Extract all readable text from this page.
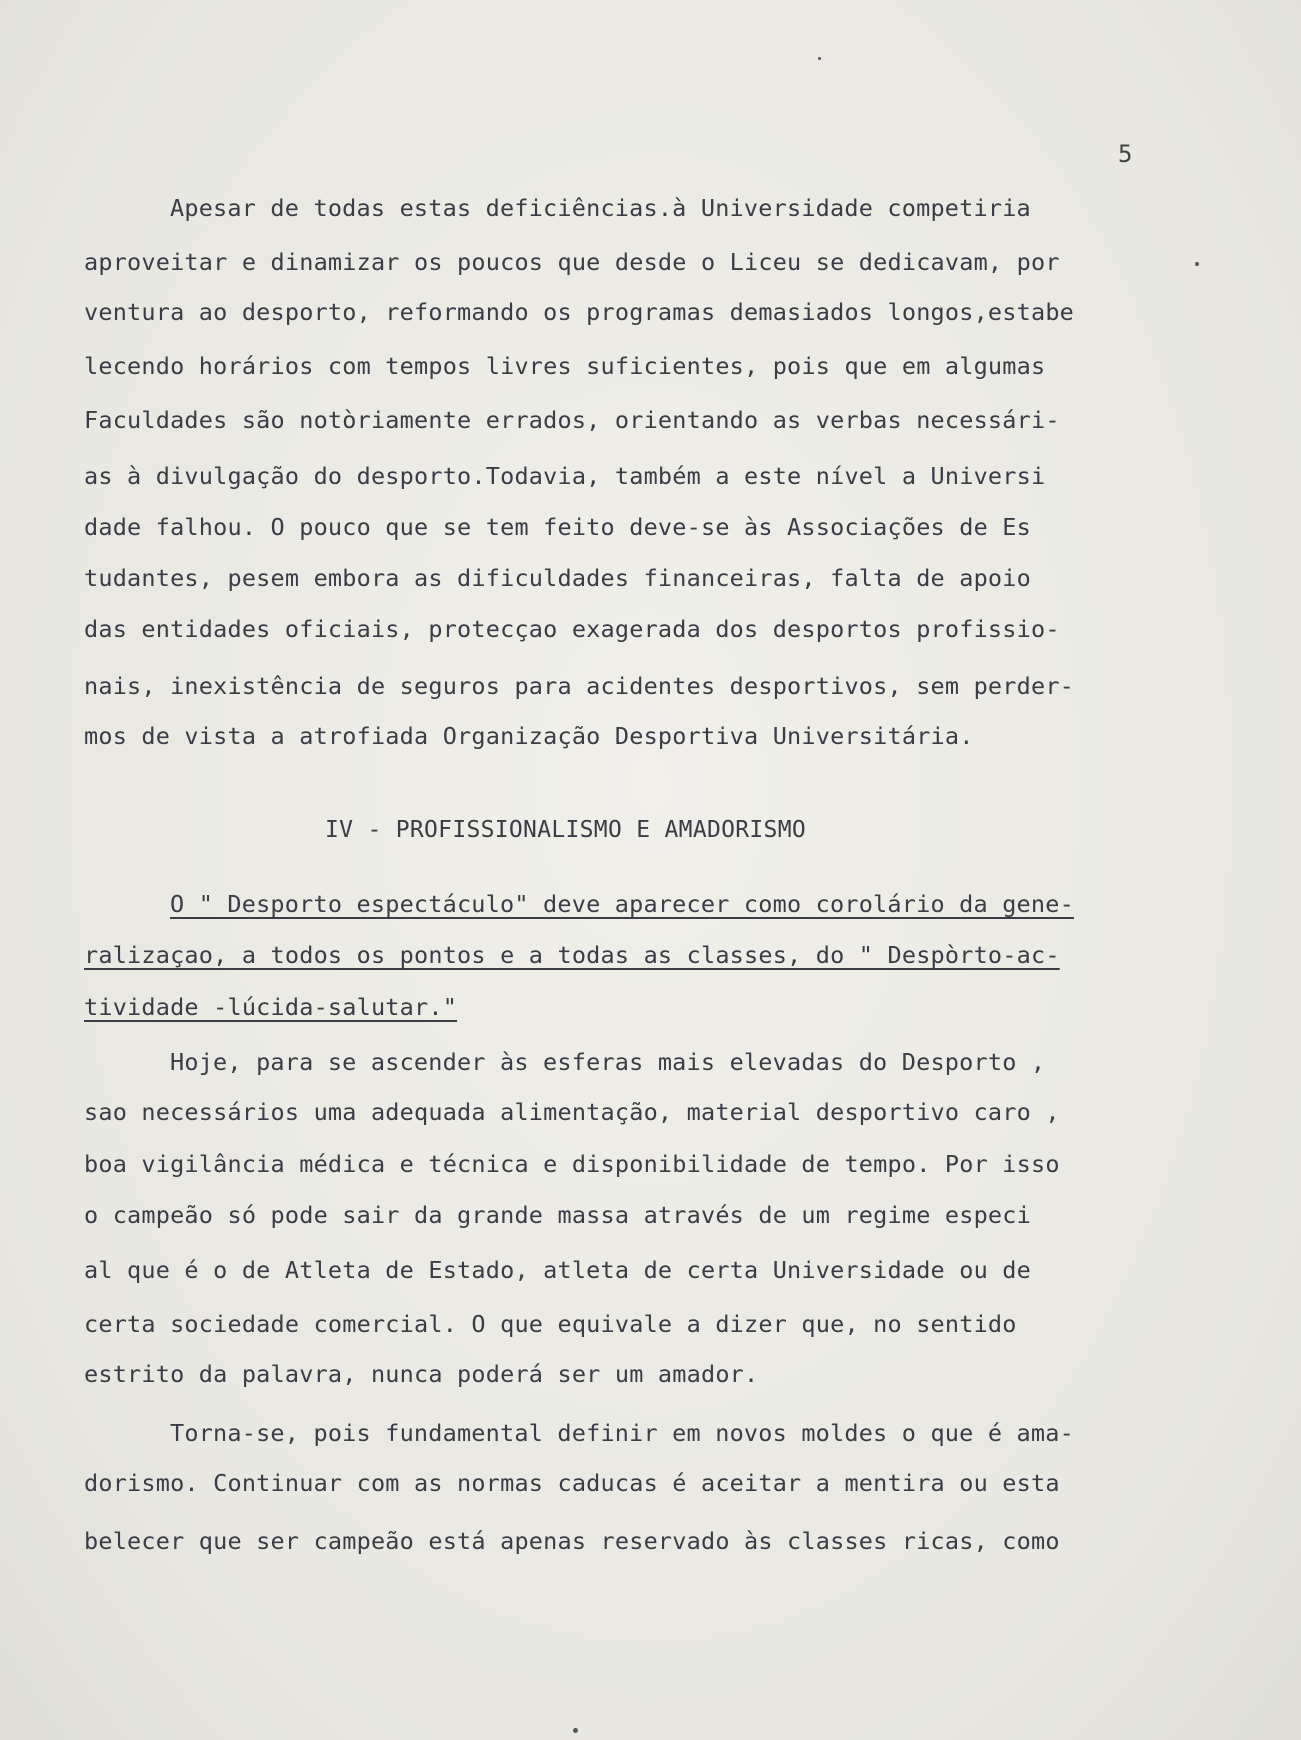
5
Apesar de todas estas deficiências.à Universidade competiria
aproveitar e dinamizar os poucos que desde o Liceu se dedicavam, por
ventura ao desporto, reformando os programas demasiados longos,estabe
lecendo horários com tempos livres suficientes, pois que em algumas
Faculdades são notòriamente errados, orientando as verbas necessári-
as à divulgação do desporto.Todavia, também a este nível a Universi
dade falhou. O pouco que se tem feito deve-se às Associações de Es
tudantes, pesem embora as dificuldades financeiras, falta de apoio
das entidades oficiais, protecçao exagerada dos desportos profissio-
nais, inexistência de seguros para acidentes desportivos, sem perder-
mos de vista a atrofiada Organização Desportiva Universitária.
IV - PROFISSIONALISMO E AMADORISMO
O " Desporto espectáculo" deve aparecer como corolário da gene-
ralizaçao, a todos os pontos e a todas as classes, do " Despòrto-ac-
tividade -lúcida-salutar."
Hoje, para se ascender às esferas mais elevadas do Desporto ,
sao necessários uma adequada alimentação, material desportivo caro ,
boa vigilância médica e técnica e disponibilidade de tempo. Por isso
o campeão só pode sair da grande massa através de um regime especi
al que é o de Atleta de Estado, atleta de certa Universidade ou de
certa sociedade comercial. O que equivale a dizer que, no sentido
estrito da palavra, nunca poderá ser um amador.
Torna-se, pois fundamental definir em novos moldes o que é ama-
dorismo. Continuar com as normas caducas é aceitar a mentira ou esta
belecer que ser campeão está apenas reservado às classes ricas, como
